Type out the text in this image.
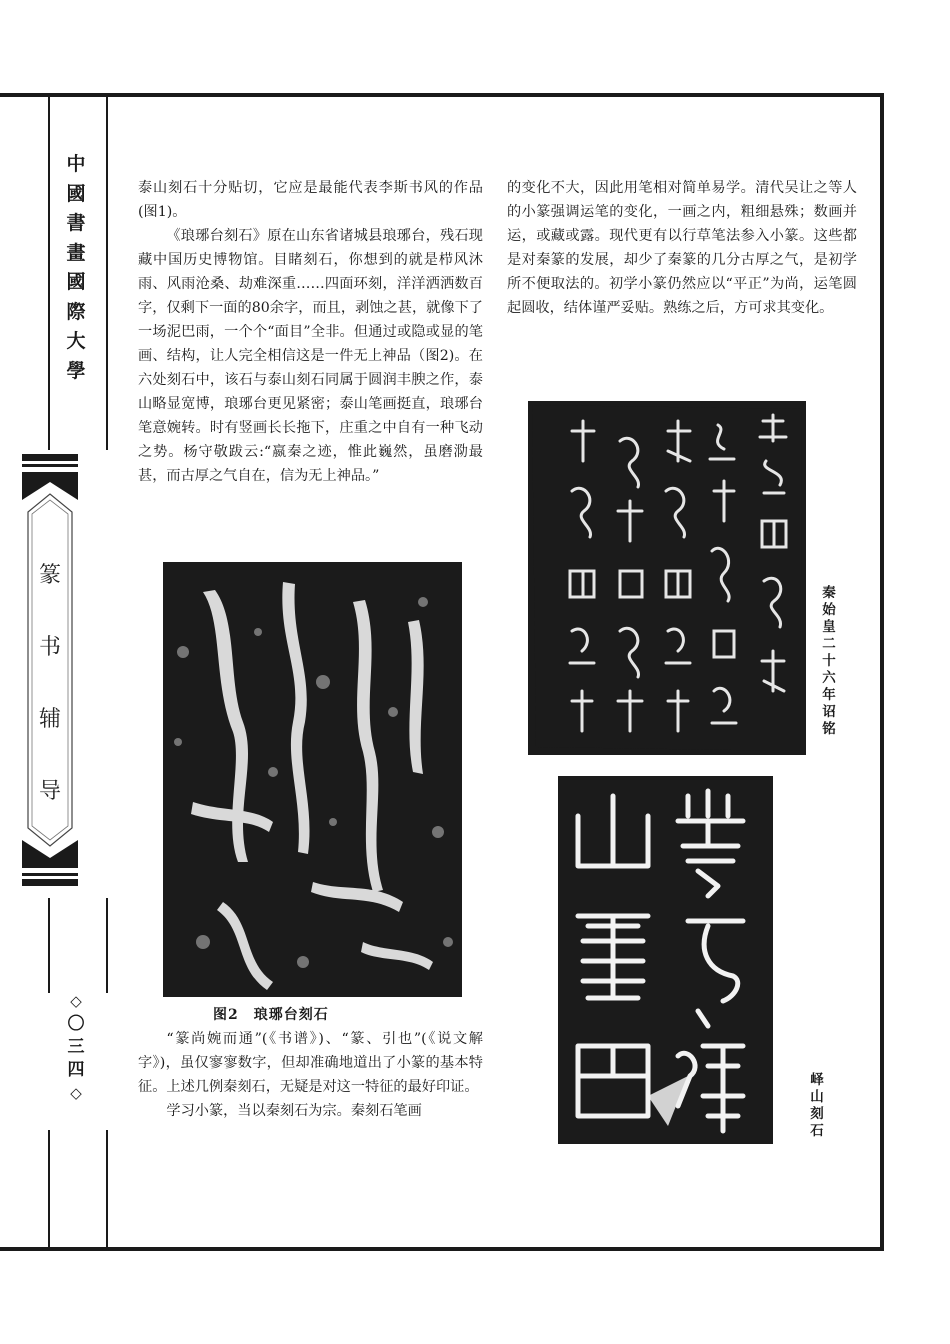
中
國
書
畫
國
際
大
學
篆
书
辅
导
◇
〇
三
四
◇

泰山刻石十分贴切，它应是最能代表李斯书风的作品(图1)。

《琅琊台刻石》原在山东省诸城县琅琊台，残石现藏中国历史博物馆。目睹刻石，你想到的就是栉风沐雨、风雨沧桑、劫难深重……四面环刻，洋洋洒洒数百字，仅剩下一面的80余字，而且，剥蚀之甚，就像下了一场泥巴雨，一个个“面目”全非。但通过或隐或显的笔画、结构，让人完全相信这是一件无上神品（图2)。在六处刻石中，该石与泰山刻石同属于圆润丰腴之作，泰山略显宽博，琅琊台更见紧密；泰山笔画挺直，琅琊台笔意婉转。时有竖画长长拖下，庄重之中自有一种飞动之势。杨守敬跋云:“嬴秦之迹，惟此巍然，虽磨泐最甚，而古厚之气自在，信为无上神品。”

图2　琅琊台刻石

“篆尚婉而通”(《书谱》)、“篆、引也”(《说文解字》)，虽仅寥寥数字，但却准确地道出了小篆的基本特征。上述几例秦刻石，无疑是对这一特征的最好印证。

学习小篆，当以秦刻石为宗。秦刻石笔画

的变化不大，因此用笔相对简单易学。清代吴让之等人的小篆强调运笔的变化，一画之内，粗细悬殊；数画并运，或藏或露。现代更有以行草笔法参入小篆。这些都是对秦篆的发展，却少了秦篆的几分古厚之气，是初学所不便取法的。初学小篆仍然应以“平正”为尚，运笔圆起圆收，结体谨严妥贴。熟练之后，方可求其变化。

秦
始
皇
二
十
六
年
诏
铭
峄
山
刻
石
